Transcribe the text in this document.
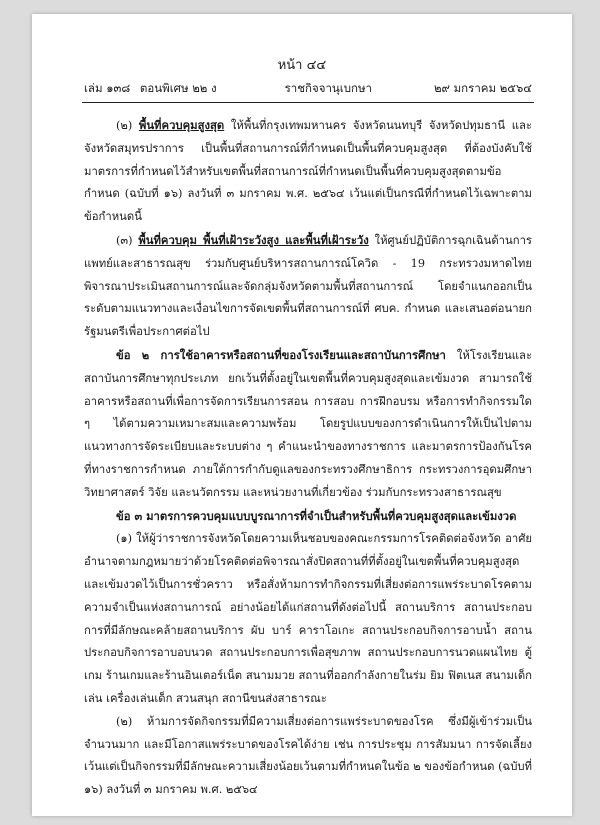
หน้า ๔๔
เล่ม ๑๓๘ ตอนพิเศษ ๒๒ ง	ราชกิจจานุเบกษา	๒๙ มกราคม ๒๕๖๔

(๒) พื้นที่ควบคุมสูงสุด ให้พื้นที่กรุงเทพมหานคร จังหวัดนนทบุรี จังหวัดปทุมธานี และจังหวัดสมุทรปราการ เป็นพื้นที่สถานการณ์ที่กำหนดเป็นพื้นที่ควบคุมสูงสุด ที่ต้องบังคับใช้มาตรการที่กำหนดไว้สำหรับเขตพื้นที่สถานการณ์ที่กำหนดเป็นพื้นที่ควบคุมสูงสุดตามข้อกำหนด (ฉบับที่ ๑๖) ลงวันที่ ๓ มกราคม พ.ศ. ๒๕๖๔ เว้นแต่เป็นกรณีที่กำหนดไว้เฉพาะตามข้อกำหนดนี้

(๓) พื้นที่ควบคุม พื้นที่เฝ้าระวังสูง และพื้นที่เฝ้าระวัง ให้ศูนย์ปฏิบัติการฉุกเฉินด้านการแพทย์และสาธารณสุข ร่วมกับศูนย์บริหารสถานการณ์โควิด - 19 กระทรวงมหาดไทย พิจารณาประเมินสถานการณ์และจัดกลุ่มจังหวัดตามพื้นที่สถานการณ์ โดยจำแนกออกเป็นระดับตามแนวทางและเงื่อนไขการจัดเขตพื้นที่สถานการณ์ที่ ศบค. กำหนด และเสนอต่อนายกรัฐมนตรีเพื่อประกาศต่อไป

ข้อ ๒ การใช้อาคารหรือสถานที่ของโรงเรียนและสถาบันการศึกษา ให้โรงเรียนและสถาบันการศึกษาทุกประเภท ยกเว้นที่ตั้งอยู่ในเขตพื้นที่ควบคุมสูงสุดและเข้มงวด สามารถใช้อาคารหรือสถานที่เพื่อการจัดการเรียนการสอน การสอบ การฝึกอบรม หรือการทำกิจกรรมใด ๆ ได้ตามความเหมาะสมและความพร้อม โดยรูปแบบของการดำเนินการให้เป็นไปตามแนวทางการจัดระเบียบและระบบต่าง ๆ คำแนะนำของทางราชการ และมาตรการป้องกันโรคที่ทางราชการกำหนด ภายใต้การกำกับดูแลของกระทรวงศึกษาธิการ กระทรวงการอุดมศึกษา วิทยาศาสตร์ วิจัย และนวัตกรรม และหน่วยงานที่เกี่ยวข้อง ร่วมกับกระทรวงสาธารณสุข

ข้อ ๓ มาตรการควบคุมแบบบูรณาการที่จำเป็นสำหรับพื้นที่ควบคุมสูงสุดและเข้มงวด

(๑) ให้ผู้ว่าราชการจังหวัดโดยความเห็นชอบของคณะกรรมการโรคติดต่อจังหวัด อาศัยอำนาจตามกฎหมายว่าด้วยโรคติดต่อพิจารณาสั่งปิดสถานที่ที่ตั้งอยู่ในเขตพื้นที่ควบคุมสูงสุดและเข้มงวดไว้เป็นการชั่วคราว หรือสั่งห้ามการทำกิจกรรมที่เสี่ยงต่อการแพร่ระบาดโรคตามความจำเป็นแห่งสถานการณ์ อย่างน้อยได้แก่สถานที่ดังต่อไปนี้ สถานบริการ สถานประกอบการที่มีลักษณะคล้ายสถานบริการ ผับ บาร์ คาราโอเกะ สถานประกอบกิจการอาบน้ำ สถานประกอบกิจการอาบอบนวด สถานประกอบการเพื่อสุขภาพ สถานประกอบการนวดแผนไทย ตู้เกม ร้านเกมและร้านอินเตอร์เน็ต สนามมวย สถานที่ออกกำลังกายในร่ม ยิม ฟิตเนส สนามเด็กเล่น เครื่องเล่นเด็ก สวนสนุก สถานีขนส่งสาธารณะ

(๒) ห้ามการจัดกิจกรรมที่มีความเสี่ยงต่อการแพร่ระบาดของโรค ซึ่งมีผู้เข้าร่วมเป็นจำนวนมาก และมีโอกาสแพร่ระบาดของโรคได้ง่าย เช่น การประชุม การสัมมนา การจัดเลี้ยง เว้นแต่เป็นกิจกรรมที่มีลักษณะความเสี่ยงน้อยเว้นตามที่กำหนดในข้อ ๒ ของข้อกำหนด (ฉบับที่ ๑๖) ลงวันที่ ๓ มกราคม พ.ศ. ๒๕๖๔
